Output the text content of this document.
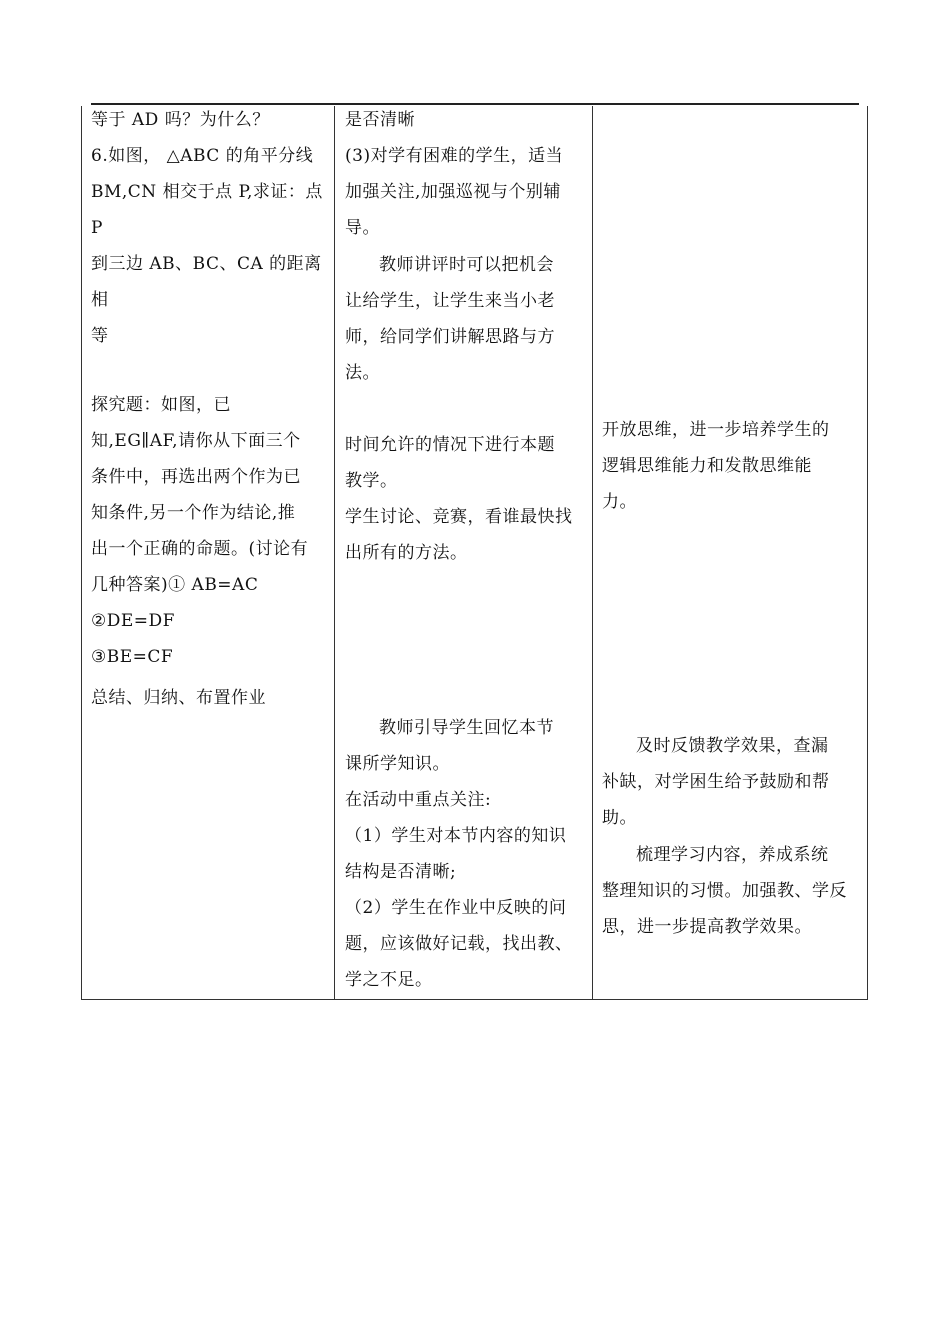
等于 AD 吗？为什么？
6.如图， △ABC 的角平分线
BM,CN 相交于点 P,求证：点 P
到三边 AB、BC、CA 的距离相
等
探究题：如图，已
知,EG∥AF,请你从下面三个
条件中，再选出两个作为已
知条件,另一个作为结论,推
出一个正确的命题。(讨论有
几种答案)① AB=AC ②DE=DF
③BE=CF
总结、归纳、布置作业
是否清晰
(3)对学有困难的学生，适当
加强关注,加强巡视与个别辅
导。
教师讲评时可以把机会
让给学生，让学生来当小老
师，给同学们讲解思路与方
法。
时间允许的情况下进行本题
教学。
学生讨论、竞赛，看谁最快找
出所有的方法。
教师引导学生回忆本节
课所学知识。
在活动中重点关注:
（1）学生对本节内容的知识
结构是否清晰;
（2）学生在作业中反映的问
题，应该做好记载，找出教、
学之不足。
开放思维，进一步培养学生的
逻辑思维能力和发散思维能
力。
及时反馈教学效果，查漏
补缺，对学困生给予鼓励和帮
助。
梳理学习内容，养成系统
整理知识的习惯。加强教、学反
思，进一步提高教学效果。
